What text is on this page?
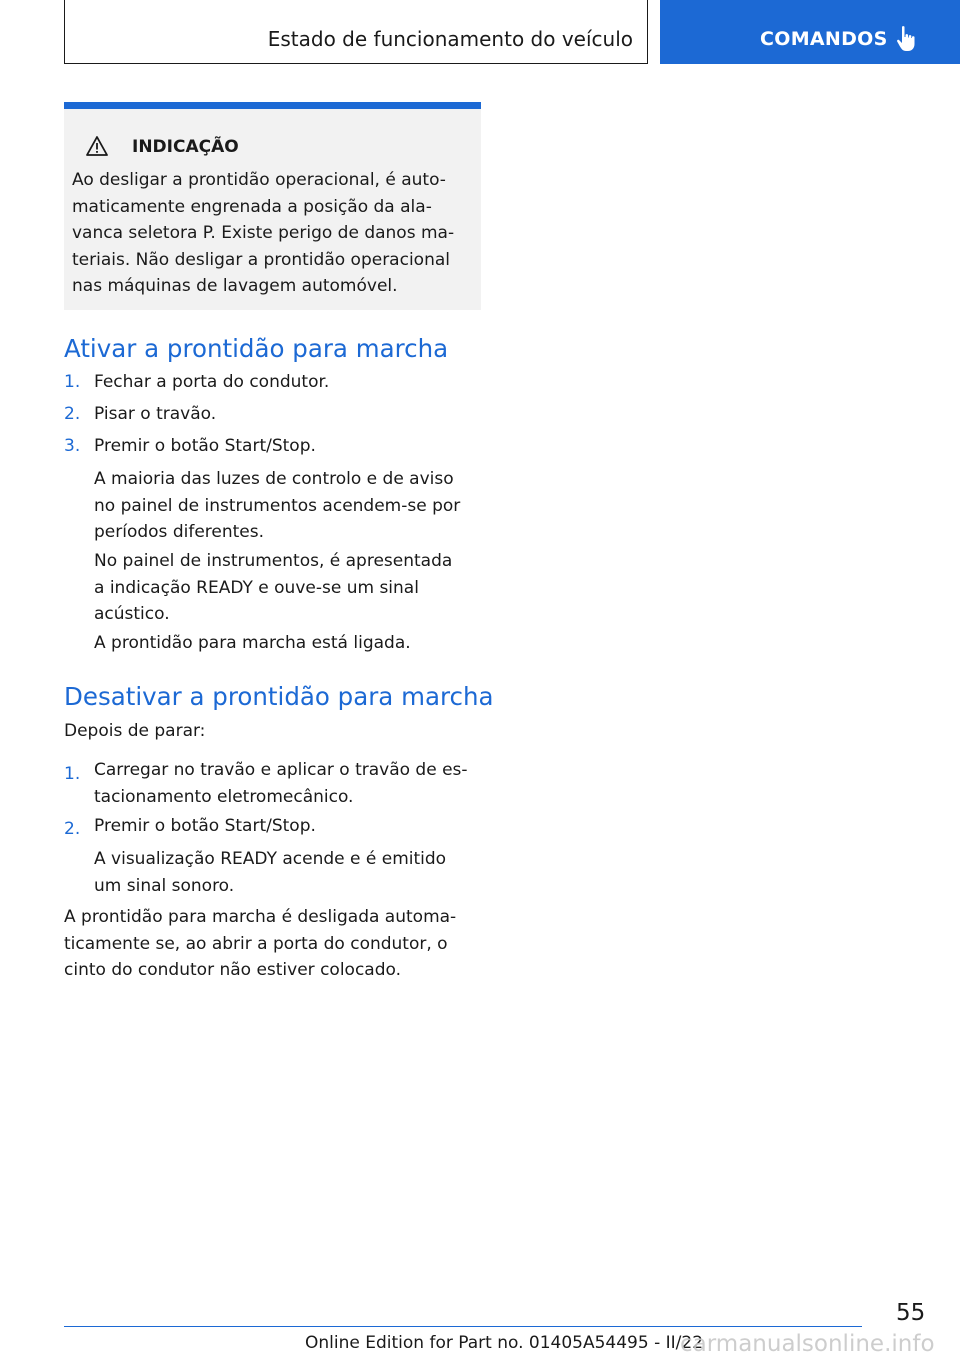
Estado de funcionamento do veículo	COMANDOS
INDICAÇÃO

Ao desligar a prontidão operacional, é auto-
maticamente engrenada a posição da ala-
vanca seletora P. Existe perigo de danos ma-
teriais. Não desligar a prontidão operacional
nas máquinas de lavagem automóvel.

Ativar a prontidão para marcha
1. Fechar a porta do condutor.

2. Pisar o travão.

3. Premir o botão Start/Stop.

A maioria das luzes de controlo e de aviso
no painel de instrumentos acendem-se por
períodos diferentes.

No painel de instrumentos, é apresentada
a indicação READY e ouve-se um sinal
acústico.

A prontidão para marcha está ligada.

Desativar a prontidão para marcha

Depois de parar:

1. Carregar no travão e aplicar o travão de es-
tacionamento eletromecânico.

2. Premir o botão Start/Stop.

A visualização READY acende e é emitido
um sinal sonoro.

A prontidão para marcha é desligada automa-
ticamente se, ao abrir a porta do condutor, o
cinto do condutor não estiver colocado.

55
Online Edition for Part no. 01405A54495 - II/22
carmanualsonline.info
